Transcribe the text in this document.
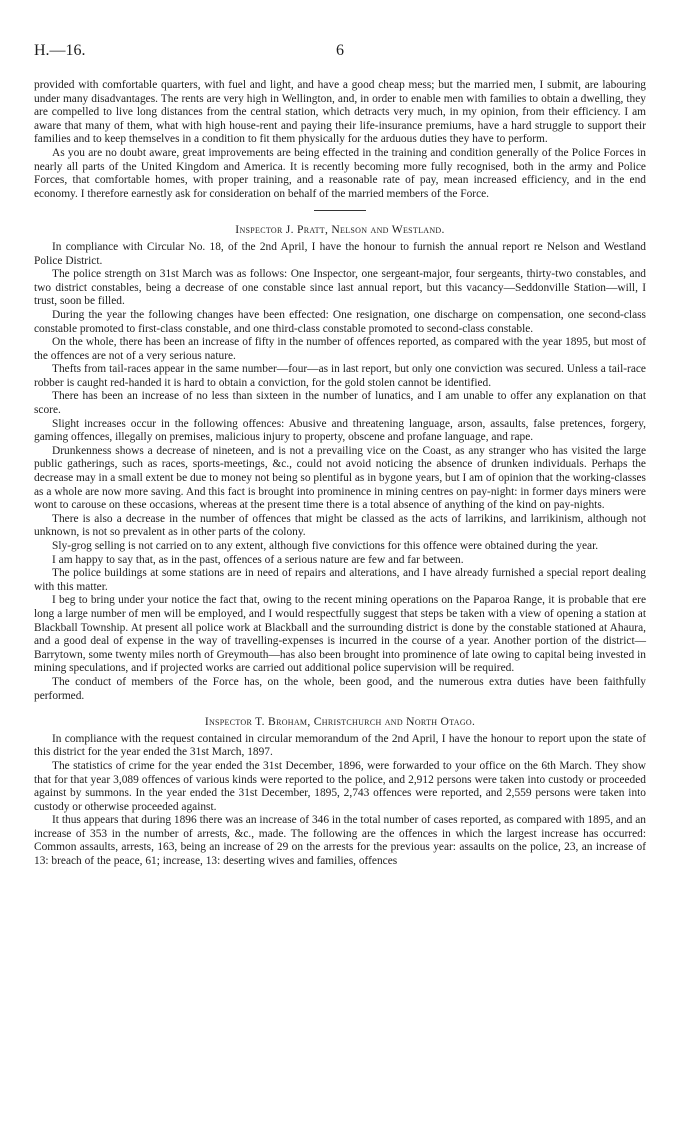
H.—16.	6

provided with comfortable quarters, with fuel and light, and have a good cheap mess; but the married men, I submit, are labouring under many disadvantages. The rents are very high in Wellington, and, in order to enable men with families to obtain a dwelling, they are compelled to live long distances from the central station, which detracts very much, in my opinion, from their efficiency. I am aware that many of them, what with high house-rent and paying their life-insurance premiums, have a hard struggle to support their families and to keep themselves in a condition to fit them physically for the arduous duties they have to perform.

As you are no doubt aware, great improvements are being effected in the training and condition generally of the Police Forces in nearly all parts of the United Kingdom and America. It is recently becoming more fully recognised, both in the army and Police Forces, that comfortable homes, with proper training, and a reasonable rate of pay, mean increased efficiency, and in the end economy. I therefore earnestly ask for consideration on behalf of the married members of the Force.

Inspector J. Pratt, Nelson and Westland.

In compliance with Circular No. 18, of the 2nd April, I have the honour to furnish the annual report re Nelson and Westland Police District.

The police strength on 31st March was as follows: One Inspector, one sergeant-major, four sergeants, thirty-two constables, and two district constables, being a decrease of one constable since last annual report, but this vacancy—Seddonville Station—will, I trust, soon be filled.

During the year the following changes have been effected: One resignation, one discharge on compensation, one second-class constable promoted to first-class constable, and one third-class constable promoted to second-class constable.

On the whole, there has been an increase of fifty in the number of offences reported, as compared with the year 1895, but most of the offences are not of a very serious nature.

Thefts from tail-races appear in the same number—four—as in last report, but only one conviction was secured. Unless a tail-race robber is caught red-handed it is hard to obtain a conviction, for the gold stolen cannot be identified.

There has been an increase of no less than sixteen in the number of lunatics, and I am unable to offer any explanation on that score.

Slight increases occur in the following offences: Abusive and threatening language, arson, assaults, false pretences, forgery, gaming offences, illegally on premises, malicious injury to property, obscene and profane language, and rape.

Drunkenness shows a decrease of nineteen, and is not a prevailing vice on the Coast, as any stranger who has visited the large public gatherings, such as races, sports-meetings, &c., could not avoid noticing the absence of drunken individuals. Perhaps the decrease may in a small extent be due to money not being so plentiful as in bygone years, but I am of opinion that the working-classes as a whole are now more saving. And this fact is brought into prominence in mining centres on pay-night: in former days miners were wont to carouse on these occasions, whereas at the present time there is a total absence of anything of the kind on pay-nights.

There is also a decrease in the number of offences that might be classed as the acts of larrikins, and larrikinism, although not unknown, is not so prevalent as in other parts of the colony.

Sly-grog selling is not carried on to any extent, although five convictions for this offence were obtained during the year.

I am happy to say that, as in the past, offences of a serious nature are few and far between.

The police buildings at some stations are in need of repairs and alterations, and I have already furnished a special report dealing with this matter.

I beg to bring under your notice the fact that, owing to the recent mining operations on the Paparoa Range, it is probable that ere long a large number of men will be employed, and I would respectfully suggest that steps be taken with a view of opening a station at Blackball Township. At present all police work at Blackball and the surrounding district is done by the constable stationed at Ahaura, and a good deal of expense in the way of travelling-expenses is incurred in the course of a year. Another portion of the district—Barrytown, some twenty miles north of Greymouth—has also been brought into prominence of late owing to capital being invested in mining speculations, and if projected works are carried out additional police supervision will be required.

The conduct of members of the Force has, on the whole, been good, and the numerous extra duties have been faithfully performed.

Inspector T. Broham, Christchurch and North Otago.

In compliance with the request contained in circular memorandum of the 2nd April, I have the honour to report upon the state of this district for the year ended the 31st March, 1897.

The statistics of crime for the year ended the 31st December, 1896, were forwarded to your office on the 6th March. They show that for that year 3,089 offences of various kinds were reported to the police, and 2,912 persons were taken into custody or proceeded against by summons. In the year ended the 31st December, 1895, 2,743 offences were reported, and 2,559 persons were taken into custody or otherwise proceeded against.

It thus appears that during 1896 there was an increase of 346 in the total number of cases reported, as compared with 1895, and an increase of 353 in the number of arrests, &c., made. The following are the offences in which the largest increase has occurred: Common assaults, arrests, 163, being an increase of 29 on the arrests for the previous year: assaults on the police, 23, an increase of 13: breach of the peace, 61; increase, 13: deserting wives and families, offences
